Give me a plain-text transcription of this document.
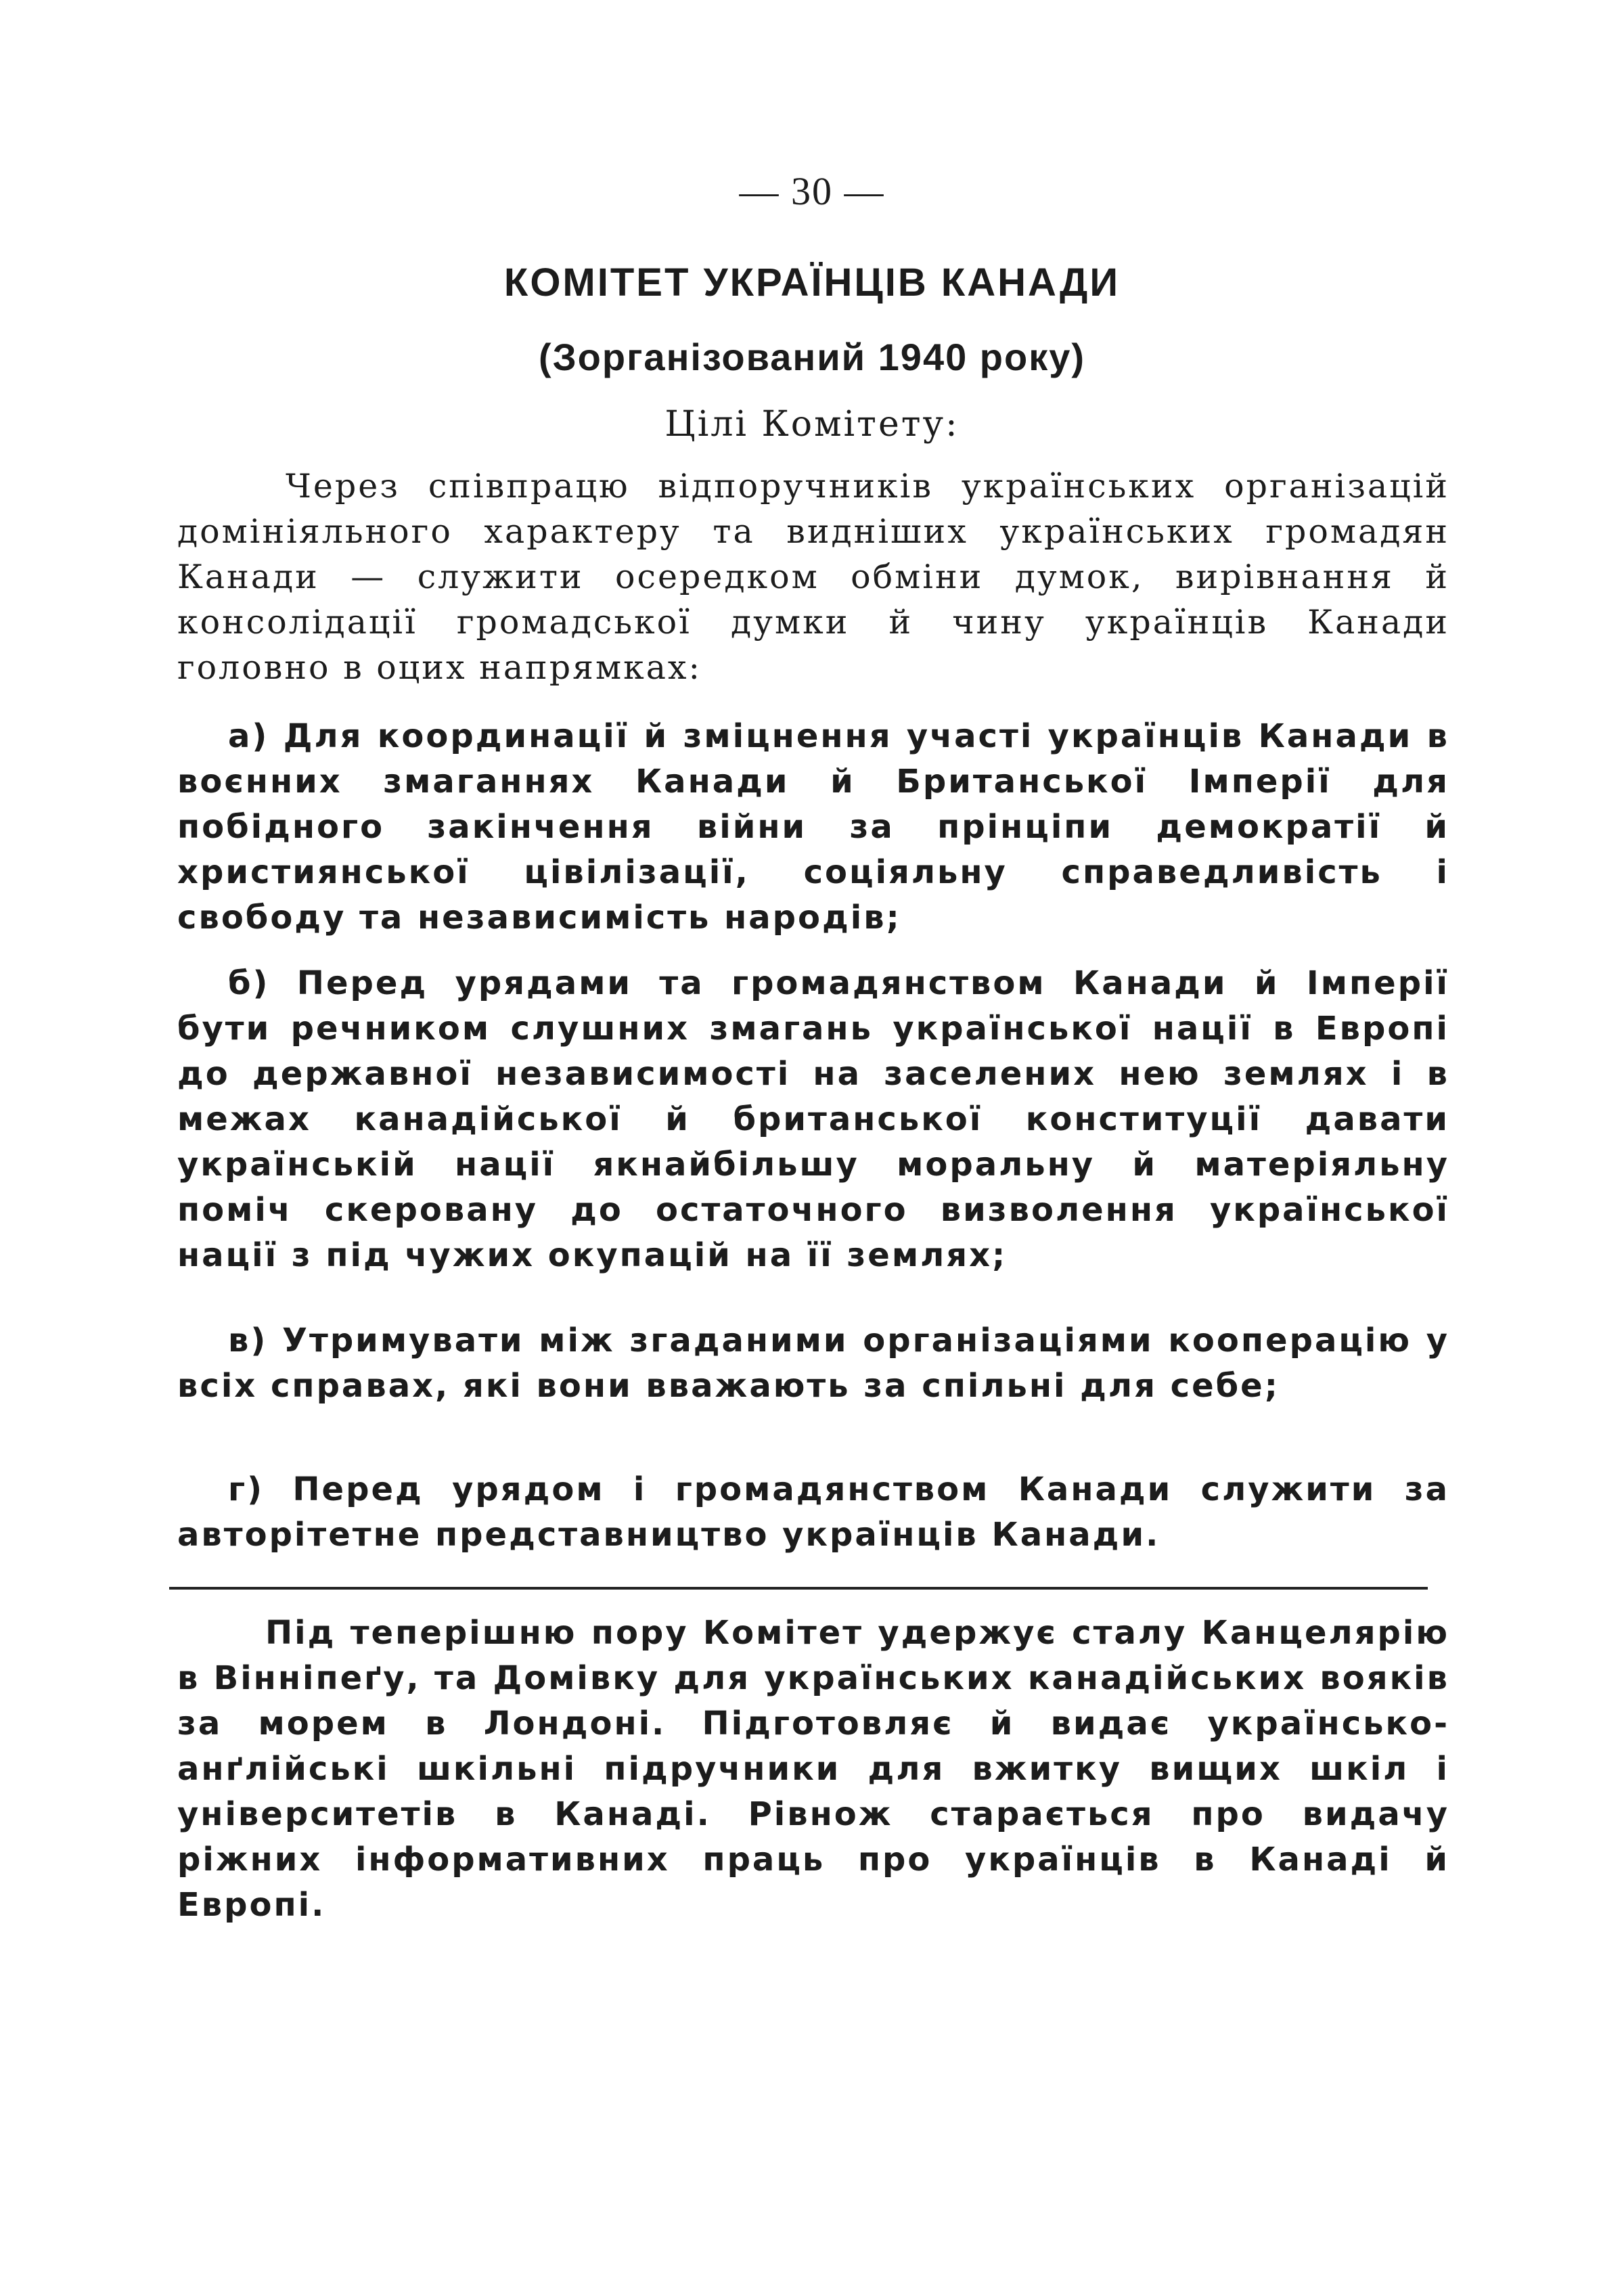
— 30 —
КОМІТЕТ УКРАЇНЦІВ КАНАДИ
(Зорганізований 1940 року)
Цілі Комітету:

Через співпрацю відпоручників українських організацій домініяльного характеру та видніших українських громадян Канади — служити осередком обміни думок, вирівнання й консолідації громадської думки й чину українців Канади головно в оцих напрямках:

а) Для координації й зміцнення участі українців Канади в воєнних змаганнях Канади й Британської Імперії для побідного закінчення війни за прінціпи демократії й християнської цівілізації, соціяльну справедливість і свободу та независимість народів;

б) Перед урядами та громадянством Канади й Імперії бути речником слушних змагань української нації в Европі до державної независимості на заселених нею землях і в межах канадійської й британської конституції давати українській нації якнайбільшу моральну й матеріяльну поміч скеровану до остаточного визволення української нації з під чужих окупацій на її землях;

в) Утримувати між згаданими організаціями кооперацію у всіх справах, які вони вважають за спільні для себе;

г) Перед урядом і громадянством Канади служити за авторітетне представництво українців Канади.

Під теперішню пору Комітет удержує сталу Канцелярію в Вінніпеґу, та Домівку для українських канадійських вояків за морем в Лондоні. Підготовляє й видає українсько-анґлійські шкільні підручники для вжитку вищих шкіл і університетів в Канаді. Рівнож старається про видачу ріжних інформативних праць про українців в Канаді й Европі.
